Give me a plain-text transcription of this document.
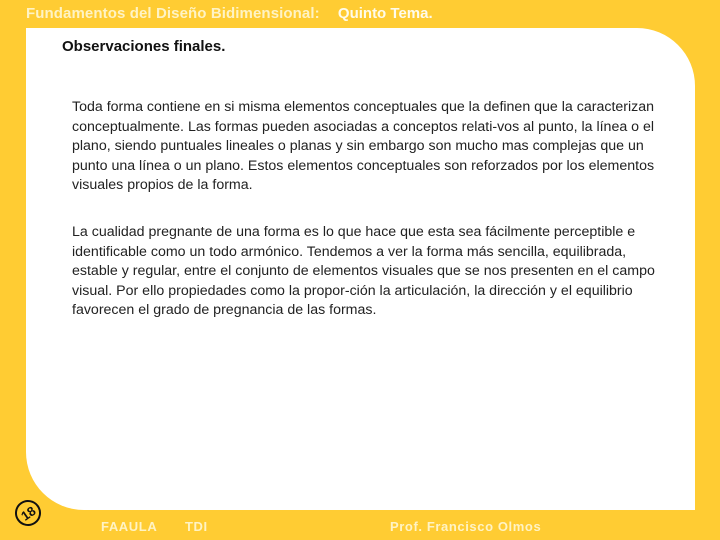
Fundamentos del Diseño Bidimensional: Quinto Tema.
Observaciones finales.

Toda forma contiene en si misma elementos conceptuales que la definen que la caracterizan conceptualmente. Las formas pueden asociadas a conceptos relati-vos al punto, la línea o el plano, siendo puntuales lineales o planas y sin embargo son mucho mas complejas que un punto una línea o un plano. Estos elementos conceptuales son reforzados por los elementos visuales propios de la forma.

La cualidad pregnante de una forma es lo que hace que esta sea fácilmente perceptible e identificable como un todo armónico. Tendemos a ver la forma más sencilla, equilibrada, estable y regular, entre el conjunto de elementos visuales que se nos presenten en el campo visual. Por ello propiedades como la propor-ción la articulación, la dirección y el equilibrio favorecen el grado de pregnancia de las formas.

18
FAAULA TDI	Prof. Francisco Olmos
